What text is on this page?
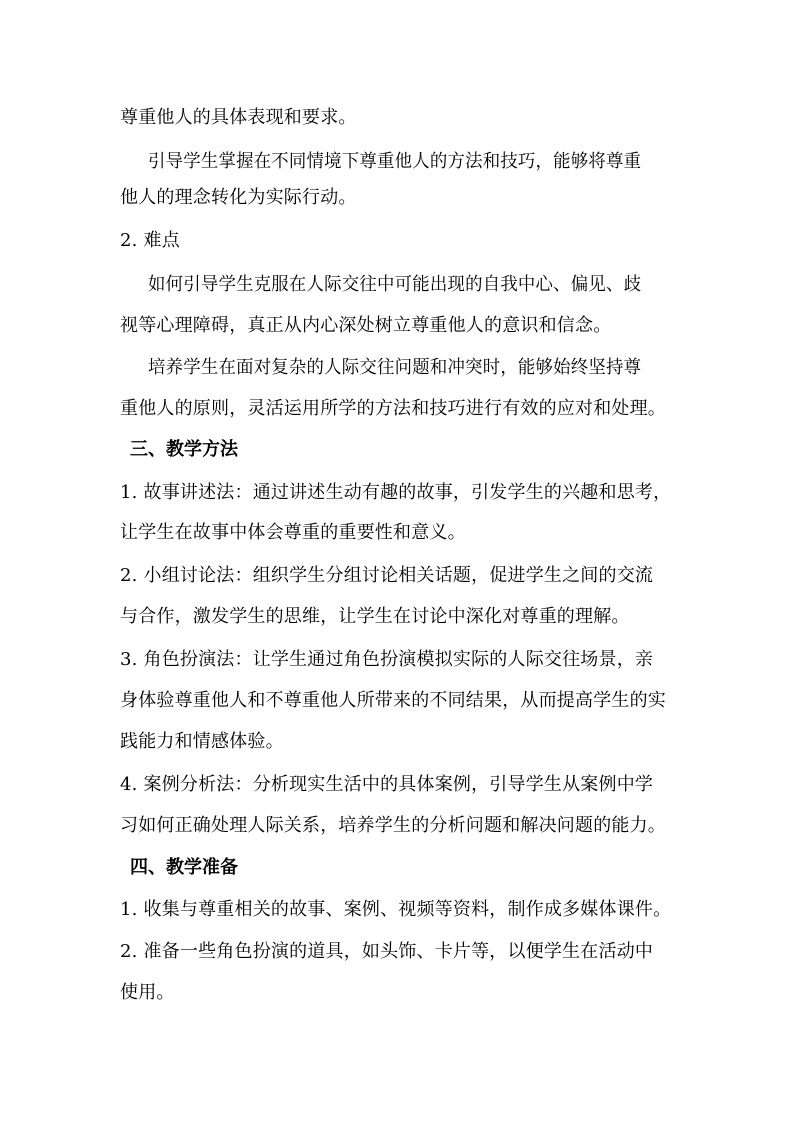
尊重他人的具体表现和要求。
引导学生掌握在不同情境下尊重他人的方法和技巧，能够将尊重
他人的理念转化为实际行动。
2. 难点
如何引导学生克服在人际交往中可能出现的自我中心、偏见、歧
视等心理障碍，真正从内心深处树立尊重他人的意识和信念。
培养学生在面对复杂的人际交往问题和冲突时，能够始终坚持尊
重他人的原则，灵活运用所学的方法和技巧进行有效的应对和处理。
三、教学方法
1. 故事讲述法：通过讲述生动有趣的故事，引发学生的兴趣和思考，
让学生在故事中体会尊重的重要性和意义。
2. 小组讨论法：组织学生分组讨论相关话题，促进学生之间的交流
与合作，激发学生的思维，让学生在讨论中深化对尊重的理解。
3. 角色扮演法：让学生通过角色扮演模拟实际的人际交往场景，亲
身体验尊重他人和不尊重他人所带来的不同结果，从而提高学生的实
践能力和情感体验。
4. 案例分析法：分析现实生活中的具体案例，引导学生从案例中学
习如何正确处理人际关系，培养学生的分析问题和解决问题的能力。
四、教学准备
1. 收集与尊重相关的故事、案例、视频等资料，制作成多媒体课件。
2. 准备一些角色扮演的道具，如头饰、卡片等，以便学生在活动中
使用。
